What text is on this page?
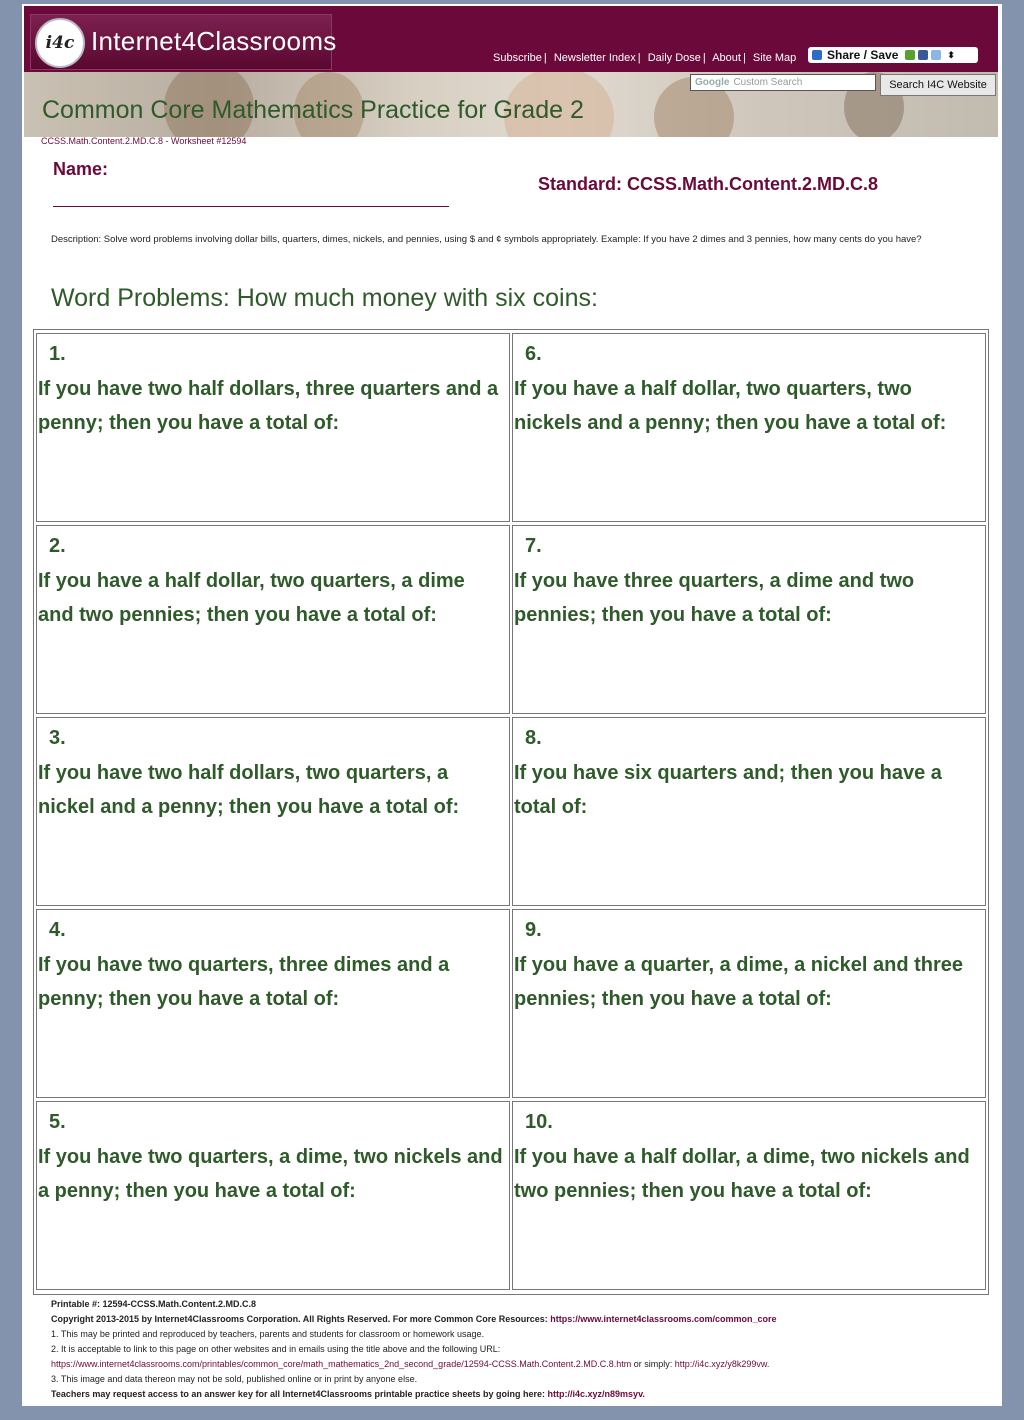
i4c Internet4Classrooms
Subscribe | Newsletter Index | Daily Dose | About | Site Map	Share / Save	⬍
Common Core Mathematics Practice for Grade 2
Google Custom Search	Search I4C Website
CCSS.Math.Content.2.MD.C.8 - Worksheet #12594
Name:
Standard: CCSS.Math.Content.2.MD.C.8
Description: Solve word problems involving dollar bills, quarters, dimes, nickels, and pennies, using $ and ¢ symbols appropriately. Example: If you have 2 dimes and 3 pennies, how many cents do you have?
Word Problems: How much money with six coins:
1.
If you have two half dollars, three quarters and a penny; then you have a total of:
6.
If you have a half dollar, two quarters, two nickels and a penny; then you have a total of:
2.
If you have a half dollar, two quarters, a dime and two pennies; then you have a total of:
7.
If you have three quarters, a dime and two pennies; then you have a total of:
3.
If you have two half dollars, two quarters, a nickel and a penny; then you have a total of:
8.
If you have six quarters and; then you have a total of:
4.
If you have two quarters, three dimes and a penny; then you have a total of:
9.
If you have a quarter, a dime, a nickel and three pennies; then you have a total of:
5.
If you have two quarters, a dime, two nickels and a penny; then you have a total of:
10.
If you have a half dollar, a dime, two nickels and two pennies; then you have a total of:
Printable #: 12594-CCSS.Math.Content.2.MD.C.8
Copyright 2013-2015 by Internet4Classrooms Corporation. All Rights Reserved. For more Common Core Resources: https://www.internet4classrooms.com/common_core
1. This may be printed and reproduced by teachers, parents and students for classroom or homework usage.
2. It is acceptable to link to this page on other websites and in emails using the title above and the following URL:
https://www.internet4classrooms.com/printables/common_core/math_mathematics_2nd_second_grade/12594-CCSS.Math.Content.2.MD.C.8.htm or simply: http://i4c.xyz/y8k299vw.
3. This image and data thereon may not be sold, published online or in print by anyone else.
Teachers may request access to an answer key for all Internet4Classrooms printable practice sheets by going here: http://i4c.xyz/n89msyv.
